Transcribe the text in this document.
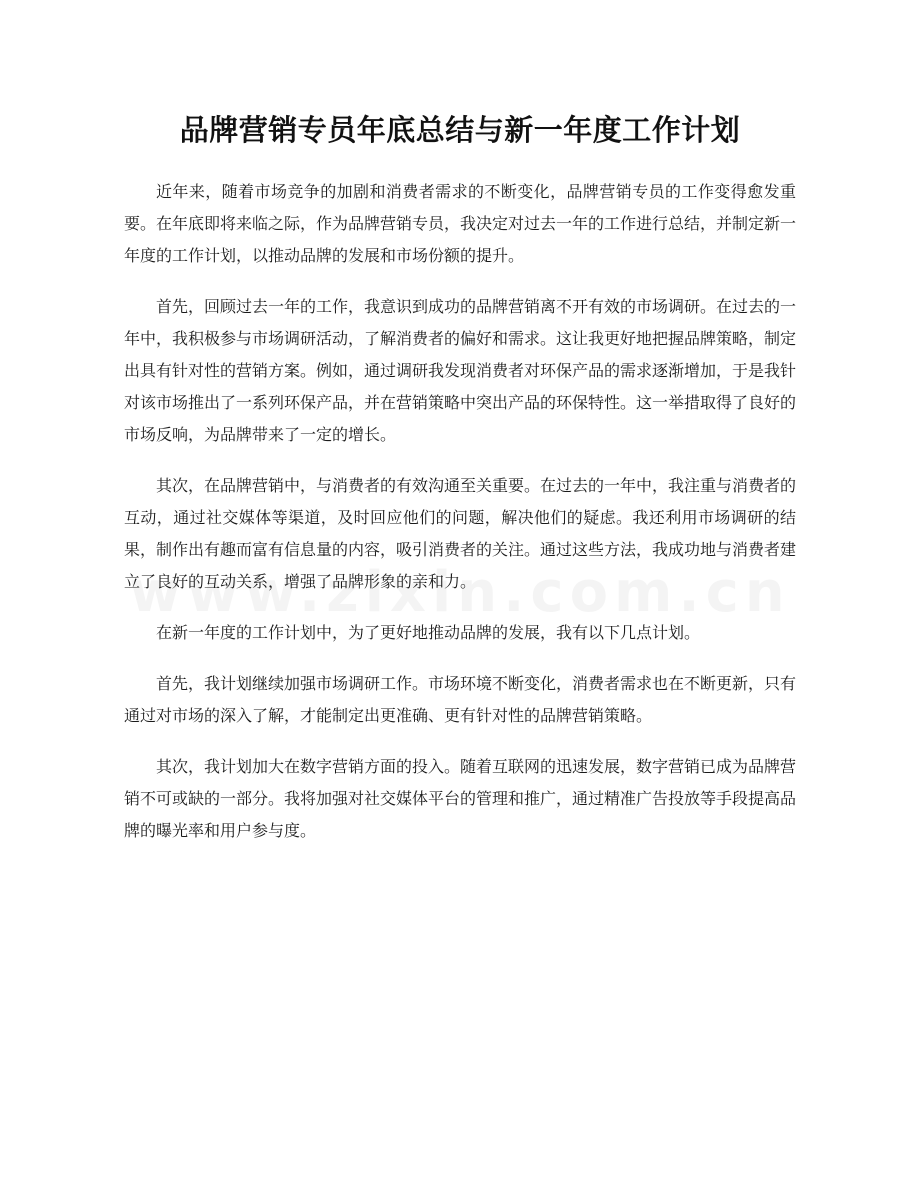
品牌营销专员年底总结与新一年度工作计划

近年来，随着市场竞争的加剧和消费者需求的不断变化，品牌营销专员的工作变得愈发重要。在年底即将来临之际，作为品牌营销专员，我决定对过去一年的工作进行总结，并制定新一年度的工作计划，以推动品牌的发展和市场份额的提升。

首先，回顾过去一年的工作，我意识到成功的品牌营销离不开有效的市场调研。在过去的一年中，我积极参与市场调研活动，了解消费者的偏好和需求。这让我更好地把握品牌策略，制定出具有针对性的营销方案。例如，通过调研我发现消费者对环保产品的需求逐渐增加，于是我针对该市场推出了一系列环保产品，并在营销策略中突出产品的环保特性。这一举措取得了良好的市场反响，为品牌带来了一定的增长。

其次，在品牌营销中，与消费者的有效沟通至关重要。在过去的一年中，我注重与消费者的互动，通过社交媒体等渠道，及时回应他们的问题，解决他们的疑虑。我还利用市场调研的结果，制作出有趣而富有信息量的内容，吸引消费者的关注。通过这些方法，我成功地与消费者建立了良好的互动关系，增强了品牌形象的亲和力。

在新一年度的工作计划中，为了更好地推动品牌的发展，我有以下几点计划。

首先，我计划继续加强市场调研工作。市场环境不断变化，消费者需求也在不断更新，只有通过对市场的深入了解，才能制定出更准确、更有针对性的品牌营销策略。

其次，我计划加大在数字营销方面的投入。随着互联网的迅速发展，数字营销已成为品牌营销不可或缺的一部分。我将加强对社交媒体平台的管理和推广，通过精准广告投放等手段提高品牌的曝光率和用户参与度。
